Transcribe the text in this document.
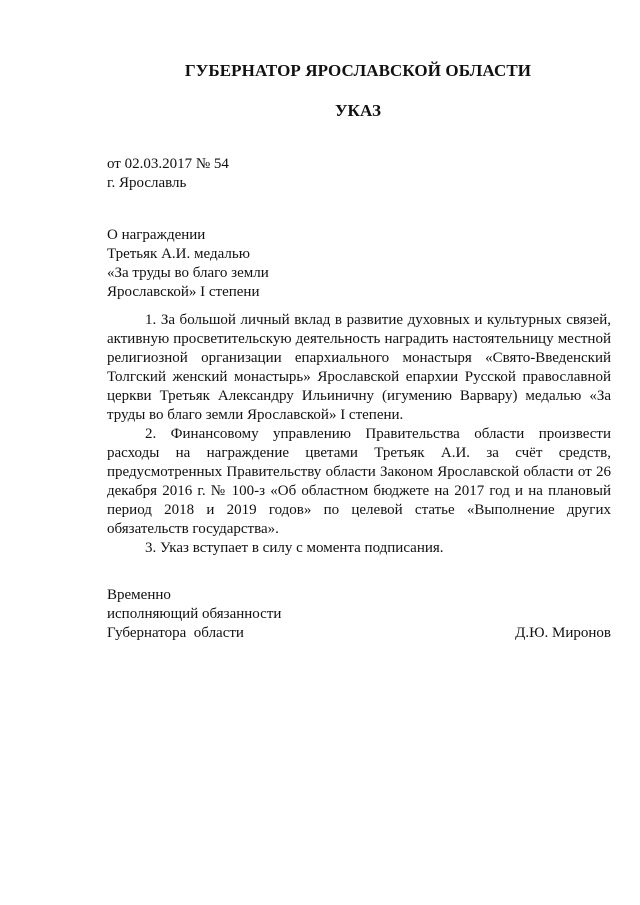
ГУБЕРНАТОР ЯРОСЛАВСКОЙ ОБЛАСТИ
УКАЗ
от 02.03.2017 № 54
г. Ярославль
О награждении
Третьяк А.И. медалью
«За труды во благо земли
Ярославской» I степени

1. За большой личный вклад в развитие духовных и культурных связей, активную просветительскую деятельность наградить настоятельницу местной религиозной организации епархиального монастыря «Свято-Введенский Толгский женский монастырь» Ярославской епархии Русской православной церкви Третьяк Александру Ильиничну (игумению Варвару) медалью «За труды во благо земли Ярославской» I степени.

2. Финансовому управлению Правительства области произвести расходы на награждение цветами Третьяк А.И. за счёт средств, предусмотренных Правительству области Законом Ярославской области от 26 декабря 2016 г. № 100-з «Об областном бюджете на 2017 год и на плановый период 2018 и 2019 годов» по целевой статье «Выполнение других обязательств государства».

3. Указ вступает в силу с момента подписания.

Временно
исполняющий обязанности
Губернатора  области	Д.Ю. Миронов
